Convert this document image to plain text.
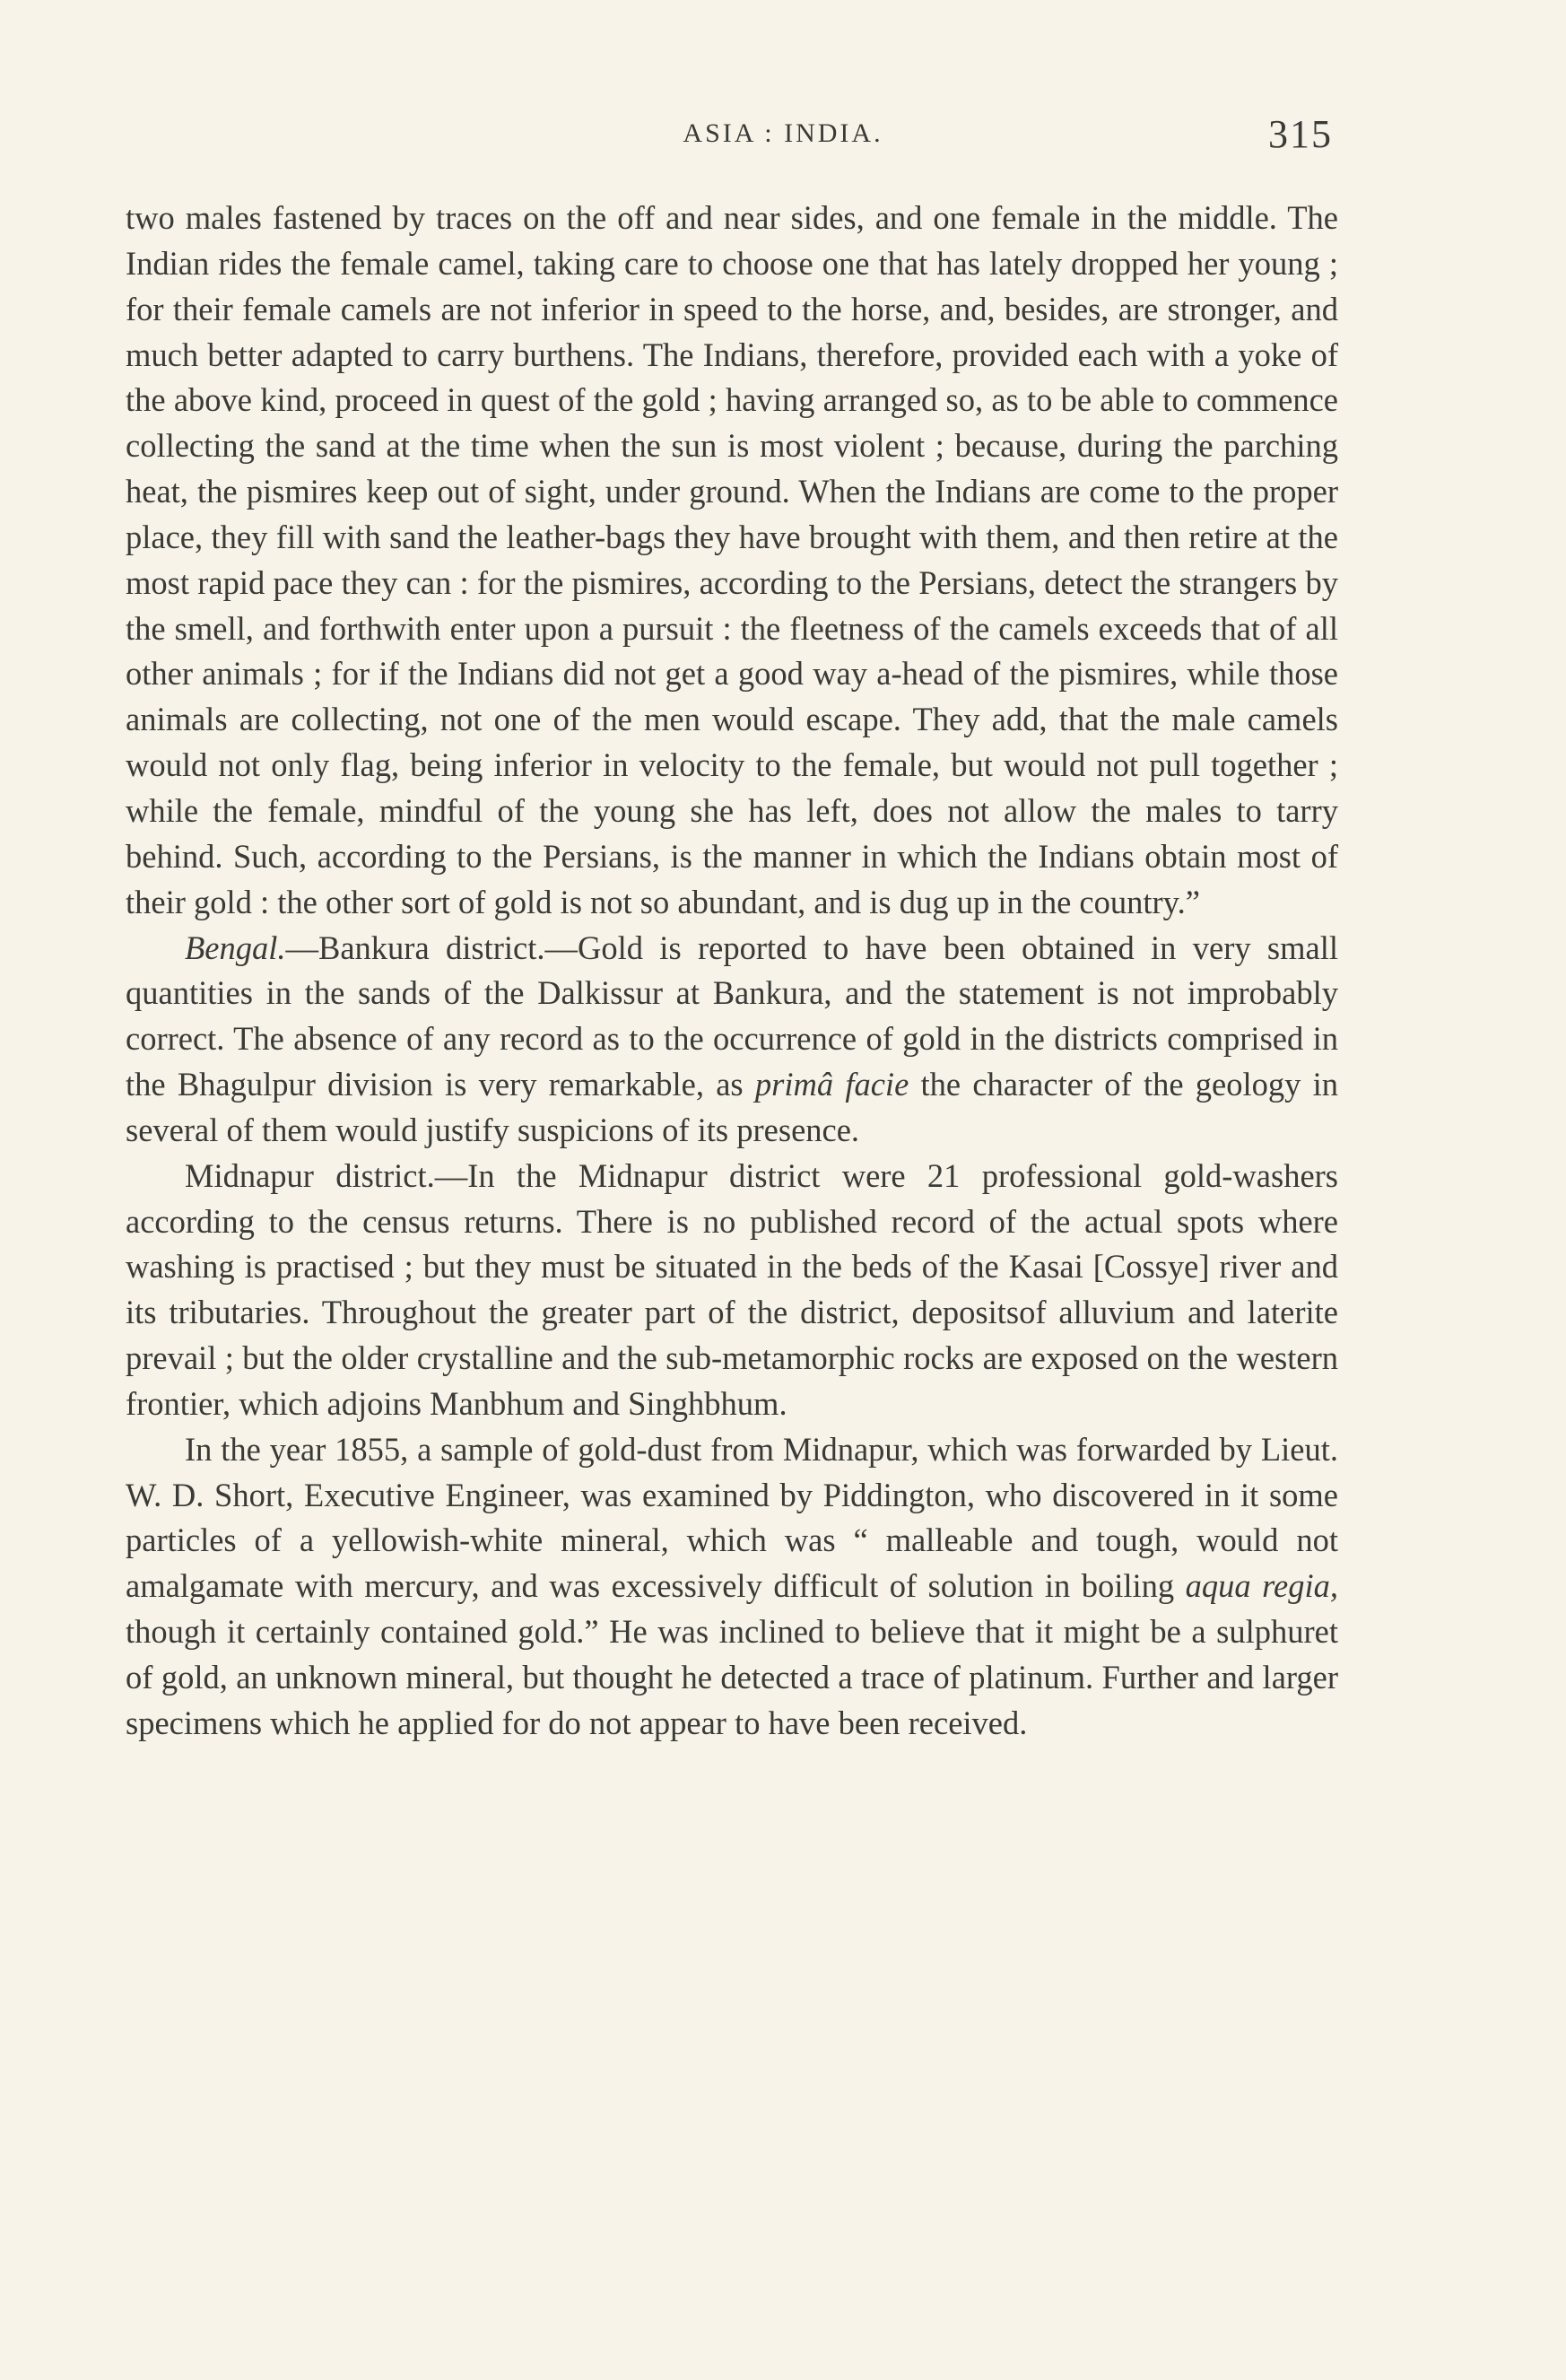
ASIA : INDIA.	315

two males fastened by traces on the off and near sides, and one female in the middle. The Indian rides the female camel, taking care to choose one that has lately dropped her young ; for their female camels are not inferior in speed to the horse, and, besides, are stronger, and much better adapted to carry burthens. The Indians, therefore, provided each with a yoke of the above kind, proceed in quest of the gold ; having arranged so, as to be able to commence collecting the sand at the time when the sun is most violent ; because, during the parching heat, the pismires keep out of sight, under ground. When the Indians are come to the proper place, they fill with sand the leather-bags they have brought with them, and then retire at the most rapid pace they can : for the pismires, according to the Persians, detect the strangers by the smell, and forthwith enter upon a pursuit : the fleetness of the camels exceeds that of all other animals ; for if the Indians did not get a good way a-head of the pismires, while those animals are collecting, not one of the men would escape. They add, that the male camels would not only flag, being inferior in velocity to the female, but would not pull together ; while the female, mindful of the young she has left, does not allow the males to tarry behind. Such, according to the Persians, is the manner in which the Indians obtain most of their gold : the other sort of gold is not so abundant, and is dug up in the country.”

Bengal.—Bankura district.—Gold is reported to have been obtained in very small quantities in the sands of the Dalkissur at Bankura, and the statement is not improbably correct. The absence of any record as to the occurrence of gold in the districts comprised in the Bhagulpur division is very remarkable, as primâ facie the character of the geology in several of them would justify suspicions of its presence.

Midnapur district.—In the Midnapur district were 21 professional gold-washers according to the census returns. There is no published record of the actual spots where washing is practised ; but they must be situated in the beds of the Kasai [Cossye] river and its tributaries. Throughout the greater part of the district, depositsof alluvium and laterite prevail ; but the older crystalline and the sub-metamorphic rocks are exposed on the western frontier, which adjoins Manbhum and Singhbhum.

In the year 1855, a sample of gold-dust from Midnapur, which was forwarded by Lieut. W. D. Short, Executive Engineer, was examined by Piddington, who discovered in it some particles of a yellowish-white mineral, which was “ malleable and tough, would not amalgamate with mercury, and was excessively difficult of solution in boiling aqua regia, though it certainly contained gold.” He was inclined to believe that it might be a sulphuret of gold, an unknown mineral, but thought he detected a trace of platinum. Further and larger specimens which he applied for do not appear to have been received.
